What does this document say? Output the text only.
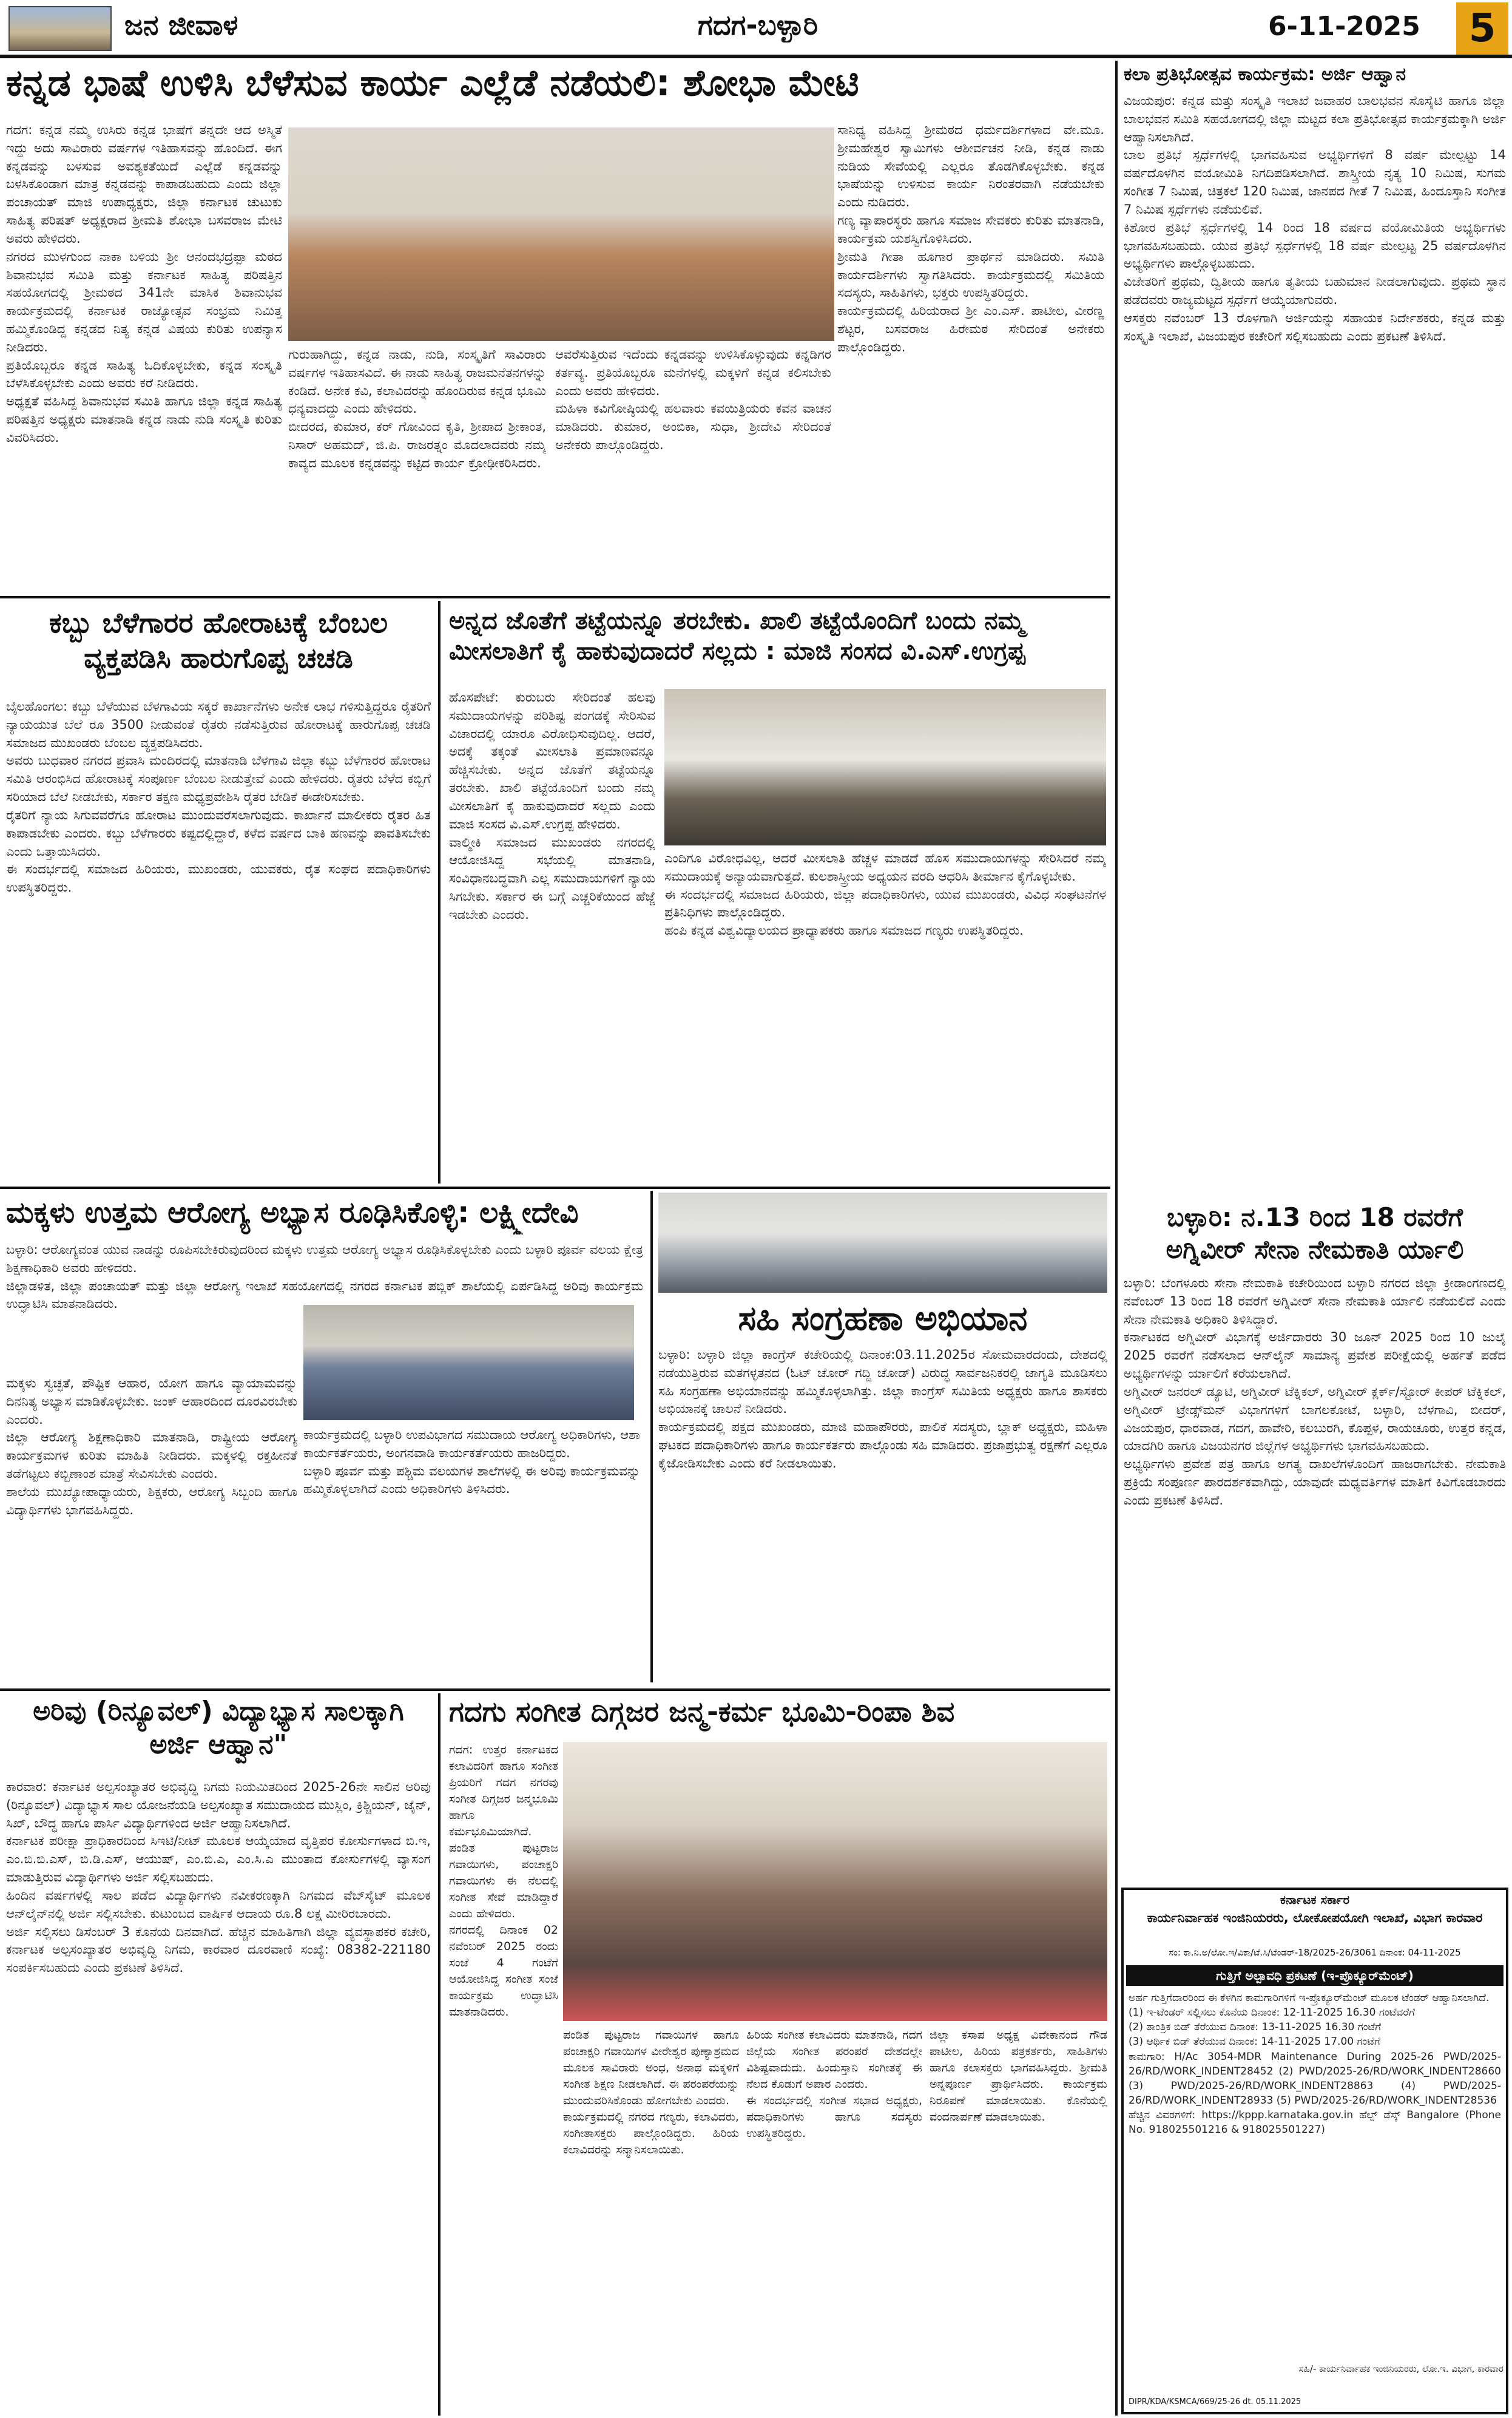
ಜನ ಜೀವಾಳ	ಗದಗ-ಬಳ್ಳಾರಿ	6-11-2025	5
ಕನ್ನಡ ಭಾಷೆ ಉಳಿಸಿ ಬೆಳೆಸುವ ಕಾರ್ಯ ಎಲ್ಲೆಡೆ ನಡೆಯಲಿ: ಶೋಭಾ ಮೇಟಿ
ಗದಗ: ಕನ್ನಡ ನಮ್ಮ ಉಸಿರು ಕನ್ನಡ ಭಾಷೆಗೆ ತನ್ನದೇ ಆದ ಅಸ್ಮಿತೆ ಇದ್ದು ಅದು ಸಾವಿರಾರು ವರ್ಷಗಳ ಇತಿಹಾಸವನ್ನು ಹೊಂದಿದೆ. ಈಗ ಕನ್ನಡವನ್ನು ಬಳಸುವ ಅವಶ್ಯಕತೆಯಿದೆ ಎಲ್ಲೆಡೆ ಕನ್ನಡವನ್ನು ಬಳಸಿಕೊಂಡಾಗ ಮಾತ್ರ ಕನ್ನಡವನ್ನು ಕಾಪಾಡಬಹುದು ಎಂದು ಜಿಲ್ಲಾ ಪಂಚಾಯತ್ ಮಾಜಿ ಉಪಾಧ್ಯಕ್ಷರು, ಜಿಲ್ಲಾ ಕರ್ನಾಟಕ ಚುಟುಕು ಸಾಹಿತ್ಯ ಪರಿಷತ್ ಅಧ್ಯಕ್ಷರಾದ ಶ್ರೀಮತಿ ಶೋಭಾ ಬಸವರಾಜ ಮೇಟಿ ಅವರು ಹೇಳಿದರು.
ನಗರದ ಮುಳಗುಂದ ನಾಕಾ ಬಳಿಯ ಶ್ರೀ ಆನಂದಭದ್ರಪ್ಪಾ ಮಠದ ಶಿವಾನುಭವ ಸಮಿತಿ ಮತ್ತು ಕರ್ನಾಟಕ ಸಾಹಿತ್ಯ ಪರಿಷತ್ತಿನ ಸಹಯೋಗದಲ್ಲಿ ಶ್ರೀಮಠದ 341ನೇ ಮಾಸಿಕ ಶಿವಾನುಭವ ಕಾರ್ಯಕ್ರಮದಲ್ಲಿ ಕರ್ನಾಟಕ ರಾಜ್ಯೋತ್ಸವ ಸಂಭ್ರಮ ನಿಮಿತ್ತ ಹಮ್ಮಿಕೊಂಡಿದ್ದ ಕನ್ನಡದ ನಿತ್ಯ ಕನ್ನಡ ವಿಷಯ ಕುರಿತು ಉಪನ್ಯಾಸ ನೀಡಿದರು.
ಪ್ರತಿಯೊಬ್ಬರೂ ಕನ್ನಡ ಸಾಹಿತ್ಯ ಓದಿಕೊಳ್ಳಬೇಕು, ಕನ್ನಡ ಸಂಸ್ಕೃತಿ ಬೆಳೆಸಿಕೊಳ್ಳಬೇಕು ಎಂದು ಅವರು ಕರೆ ನೀಡಿದರು.
ಅಧ್ಯಕ್ಷತೆ ವಹಿಸಿದ್ದ ಶಿವಾನುಭವ ಸಮಿತಿ ಹಾಗೂ ಜಿಲ್ಲಾ ಕನ್ನಡ ಸಾಹಿತ್ಯ ಪರಿಷತ್ತಿನ ಅಧ್ಯಕ್ಷರು ಮಾತನಾಡಿ ಕನ್ನಡ ನಾಡು ನುಡಿ ಸಂಸ್ಕೃತಿ ಕುರಿತು ವಿವರಿಸಿದರು.
ಗುರುಹಾಗಿದ್ದು, ಕನ್ನಡ ನಾಡು, ನುಡಿ, ಸಂಸ್ಕೃತಿಗೆ ಸಾವಿರಾರು ವರ್ಷಗಳ ಇತಿಹಾಸವಿದೆ. ಈ ನಾಡು ಸಾಹಿತ್ಯ ರಾಜಮನೆತನಗಳನ್ನು ಕಂಡಿದೆ. ಅನೇಕ ಕವಿ, ಕಲಾವಿದರನ್ನು ಹೊಂದಿರುವ ಕನ್ನಡ ಭೂಮಿ ಧನ್ಯವಾದದ್ದು ಎಂದು ಹೇಳಿದರು.
ಬೀದರದ, ಕುಮಾರ, ಕರ್ ಗೋವಿಂದ ಕೃತಿ, ಶ್ರೀಪಾದ ಶ್ರೀಕಾಂತ, ನಿಸಾರ್ ಅಹಮದ್, ಜಿ.ಪಿ. ರಾಜರತ್ನಂ ಮೊದಲಾದವರು ನಮ್ಮ ಕಾವ್ಯದ ಮೂಲಕ ಕನ್ನಡವನ್ನು ಕಟ್ಟಿದ ಕಾರ್ಯ ಕ್ರೋಢೀಕರಿಸಿದರು.
ಆವರೆಸುತ್ತಿರುವ ಇದೆಂದು ಕನ್ನಡವನ್ನು ಉಳಿಸಿಕೊಳ್ಳುವುದು ಕನ್ನಡಿಗರ ಕರ್ತವ್ಯ. ಪ್ರತಿಯೊಬ್ಬರೂ ಮನೆಗಳಲ್ಲಿ ಮಕ್ಕಳಿಗೆ ಕನ್ನಡ ಕಲಿಸಬೇಕು ಎಂದು ಅವರು ಹೇಳಿದರು.
ಮಹಿಳಾ ಕವಿಗೋಷ್ಠಿಯಲ್ಲಿ ಹಲವಾರು ಕವಯಿತ್ರಿಯರು ಕವನ ವಾಚನ ಮಾಡಿದರು. ಕುಮಾರ, ಅಂಬಿಕಾ, ಸುಧಾ, ಶ್ರೀದೇವಿ ಸೇರಿದಂತೆ ಅನೇಕರು ಪಾಲ್ಗೊಂಡಿದ್ದರು.
ಸಾನಿಧ್ಯ ವಹಿಸಿದ್ದ ಶ್ರೀಮಠದ ಧರ್ಮದರ್ಶಿಗಳಾದ ವೇ.ಮೂ. ಶ್ರೀಮಹೇಶ್ವರ ಸ್ವಾಮಿಗಳು ಆಶೀರ್ವಚನ ನೀಡಿ, ಕನ್ನಡ ನಾಡು ನುಡಿಯ ಸೇವೆಯಲ್ಲಿ ಎಲ್ಲರೂ ತೊಡಗಿಕೊಳ್ಳಬೇಕು. ಕನ್ನಡ ಭಾಷೆಯನ್ನು ಉಳಿಸುವ ಕಾರ್ಯ ನಿರಂತರವಾಗಿ ನಡೆಯಬೇಕು ಎಂದು ನುಡಿದರು.
ಗಣ್ಯ ವ್ಯಾಪಾರಸ್ಥರು ಹಾಗೂ ಸಮಾಜ ಸೇವಕರು ಕುರಿತು ಮಾತನಾಡಿ, ಕಾರ್ಯಕ್ರಮ ಯಶಸ್ವಿಗೊಳಿಸಿದರು.
ಶ್ರೀಮತಿ ಗೀತಾ ಹೂಗಾರ ಪ್ರಾರ್ಥನೆ ಮಾಡಿದರು. ಸಮಿತಿ ಕಾರ್ಯದರ್ಶಿಗಳು ಸ್ವಾಗತಿಸಿದರು. ಕಾರ್ಯಕ್ರಮದಲ್ಲಿ ಸಮಿತಿಯ ಸದಸ್ಯರು, ಸಾಹಿತಿಗಳು, ಭಕ್ತರು ಉಪಸ್ಥಿತರಿದ್ದರು.
ಕಾರ್ಯಕ್ರಮದಲ್ಲಿ ಹಿರಿಯರಾದ ಶ್ರೀ ಎಂ.ಎಸ್. ಪಾಟೀಲ, ವೀರಣ್ಣ ಶೆಟ್ಟರ, ಬಸವರಾಜ ಹಿರೇಮಠ ಸೇರಿದಂತೆ ಅನೇಕರು ಪಾಲ್ಗೊಂಡಿದ್ದರು.
ಕಬ್ಬು ಬೆಳೆಗಾರರ ಹೋರಾಟಕ್ಕೆ ಬೆಂಬಲ ವ್ಯಕ್ತಪಡಿಸಿ ಹಾರುಗೊಪ್ಪ ಚಚಡಿ
ಬೈಲಹೊಂಗಲ: ಕಬ್ಬು ಬೆಳೆಯುವ ಬೆಳಗಾವಿಯ ಸಕ್ಕರೆ ಕಾರ್ಖಾನೆಗಳು ಅನೇಕ ಲಾಭ ಗಳಿಸುತ್ತಿದ್ದರೂ ರೈತರಿಗೆ ನ್ಯಾಯಯುತ ಬೆಲೆ ರೂ 3500 ನೀಡುವಂತೆ ರೈತರು ನಡೆಸುತ್ತಿರುವ ಹೋರಾಟಕ್ಕೆ ಹಾರುಗೊಪ್ಪ ಚಚಡಿ ಸಮಾಜದ ಮುಖಂಡರು ಬೆಂಬಲ ವ್ಯಕ್ತಪಡಿಸಿದರು.
ಅವರು ಬುಧವಾರ ನಗರದ ಪ್ರವಾಸಿ ಮಂದಿರದಲ್ಲಿ ಮಾತನಾಡಿ ಬೆಳಗಾವಿ ಜಿಲ್ಲಾ ಕಬ್ಬು ಬೆಳೆಗಾರರ ಹೋರಾಟ ಸಮಿತಿ ಆರಂಭಿಸಿದ ಹೋರಾಟಕ್ಕೆ ಸಂಪೂರ್ಣ ಬೆಂಬಲ ನೀಡುತ್ತೇವೆ ಎಂದು ಹೇಳಿದರು. ರೈತರು ಬೆಳೆದ ಕಬ್ಬಿಗೆ ಸರಿಯಾದ ಬೆಲೆ ನೀಡಬೇಕು, ಸರ್ಕಾರ ತಕ್ಷಣ ಮಧ್ಯಪ್ರವೇಶಿಸಿ ರೈತರ ಬೇಡಿಕೆ ಈಡೇರಿಸಬೇಕು.
ರೈತರಿಗೆ ನ್ಯಾಯ ಸಿಗುವವರೆಗೂ ಹೋರಾಟ ಮುಂದುವರೆಸಲಾಗುವುದು. ಕಾರ್ಖಾನೆ ಮಾಲೀಕರು ರೈತರ ಹಿತ ಕಾಪಾಡಬೇಕು ಎಂದರು. ಕಬ್ಬು ಬೆಳೆಗಾರರು ಕಷ್ಟದಲ್ಲಿದ್ದಾರೆ, ಕಳೆದ ವರ್ಷದ ಬಾಕಿ ಹಣವನ್ನು ಪಾವತಿಸಬೇಕು ಎಂದು ಒತ್ತಾಯಿಸಿದರು.
ಈ ಸಂದರ್ಭದಲ್ಲಿ ಸಮಾಜದ ಹಿರಿಯರು, ಮುಖಂಡರು, ಯುವಕರು, ರೈತ ಸಂಘದ ಪದಾಧಿಕಾರಿಗಳು ಉಪಸ್ಥಿತರಿದ್ದರು.
ಅನ್ನದ ಜೊತೆಗೆ ತಟ್ಟೆಯನ್ನೂ ತರಬೇಕು. ಖಾಲಿ ತಟ್ಟೆಯೊಂದಿಗೆ ಬಂದು ನಮ್ಮ ಮೀಸಲಾತಿಗೆ ಕೈ ಹಾಕುವುದಾದರೆ ಸಲ್ಲದು : ಮಾಜಿ ಸಂಸದ ವಿ.ಎಸ್.ಉಗ್ರಪ್ಪ
ಹೊಸಪೇಟೆ: ಕುರುಬರು ಸೇರಿದಂತೆ ಹಲವು ಸಮುದಾಯಗಳನ್ನು ಪರಿಶಿಷ್ಟ ಪಂಗಡಕ್ಕೆ ಸೇರಿಸುವ ವಿಚಾರದಲ್ಲಿ ಯಾರೂ ವಿರೋಧಿಸುವುದಿಲ್ಲ. ಆದರೆ, ಅದಕ್ಕೆ ತಕ್ಕಂತೆ ಮೀಸಲಾತಿ ಪ್ರಮಾಣವನ್ನೂ ಹೆಚ್ಚಿಸಬೇಕು. ಅನ್ನದ ಜೊತೆಗೆ ತಟ್ಟೆಯನ್ನೂ ತರಬೇಕು. ಖಾಲಿ ತಟ್ಟೆಯೊಂದಿಗೆ ಬಂದು ನಮ್ಮ ಮೀಸಲಾತಿಗೆ ಕೈ ಹಾಕುವುದಾದರೆ ಸಲ್ಲದು ಎಂದು ಮಾಜಿ ಸಂಸದ ವಿ.ಎಸ್.ಉಗ್ರಪ್ಪ ಹೇಳಿದರು.
ವಾಲ್ಮೀಕಿ ಸಮಾಜದ ಮುಖಂಡರು ನಗರದಲ್ಲಿ ಆಯೋಜಿಸಿದ್ದ ಸಭೆಯಲ್ಲಿ ಮಾತನಾಡಿ, ಸಂವಿಧಾನಬದ್ಧವಾಗಿ ಎಲ್ಲ ಸಮುದಾಯಗಳಿಗೆ ನ್ಯಾಯ ಸಿಗಬೇಕು. ಸರ್ಕಾರ ಈ ಬಗ್ಗೆ ಎಚ್ಚರಿಕೆಯಿಂದ ಹೆಜ್ಜೆ ಇಡಬೇಕು ಎಂದರು.
ಎಂದಿಗೂ ವಿರೋಧವಿಲ್ಲ, ಆದರೆ ಮೀಸಲಾತಿ ಹೆಚ್ಚಳ ಮಾಡದೆ ಹೊಸ ಸಮುದಾಯಗಳನ್ನು ಸೇರಿಸಿದರೆ ನಮ್ಮ ಸಮುದಾಯಕ್ಕೆ ಅನ್ಯಾಯವಾಗುತ್ತದೆ. ಕುಲಶಾಸ್ತ್ರೀಯ ಅಧ್ಯಯನ ವರದಿ ಆಧರಿಸಿ ತೀರ್ಮಾನ ಕೈಗೊಳ್ಳಬೇಕು.
ಈ ಸಂದರ್ಭದಲ್ಲಿ ಸಮಾಜದ ಹಿರಿಯರು, ಜಿಲ್ಲಾ ಪದಾಧಿಕಾರಿಗಳು, ಯುವ ಮುಖಂಡರು, ವಿವಿಧ ಸಂಘಟನೆಗಳ ಪ್ರತಿನಿಧಿಗಳು ಪಾಲ್ಗೊಂಡಿದ್ದರು.
ಹಂಪಿ ಕನ್ನಡ ವಿಶ್ವವಿದ್ಯಾಲಯದ ಪ್ರಾಧ್ಯಾಪಕರು ಹಾಗೂ ಸಮಾಜದ ಗಣ್ಯರು ಉಪಸ್ಥಿತರಿದ್ದರು.
ಮಕ್ಕಳು ಉತ್ತಮ ಆರೋಗ್ಯ ಅಭ್ಯಾಸ ರೂಢಿಸಿಕೊಳ್ಳಿ: ಲಕ್ಷ್ಮೀದೇವಿ
ಬಳ್ಳಾರಿ: ಆರೋಗ್ಯವಂತ ಯುವ ನಾಡನ್ನು ರೂಪಿಸಬೇಕಿರುವುದರಿಂದ ಮಕ್ಕಳು ಉತ್ತಮ ಆರೋಗ್ಯ ಅಭ್ಯಾಸ ರೂಢಿಸಿಕೊಳ್ಳಬೇಕು ಎಂದು ಬಳ್ಳಾರಿ ಪೂರ್ವ ವಲಯ ಕ್ಷೇತ್ರ ಶಿಕ್ಷಣಾಧಿಕಾರಿ ಅವರು ಹೇಳಿದರು.
ಜಿಲ್ಲಾಡಳಿತ, ಜಿಲ್ಲಾ ಪಂಚಾಯತ್ ಮತ್ತು ಜಿಲ್ಲಾ ಆರೋಗ್ಯ ಇಲಾಖೆ ಸಹಯೋಗದಲ್ಲಿ ನಗರದ ಕರ್ನಾಟಕ ಪಬ್ಲಿಕ್ ಶಾಲೆಯಲ್ಲಿ ಏರ್ಪಡಿಸಿದ್ದ ಅರಿವು ಕಾರ್ಯಕ್ರಮ ಉದ್ಘಾಟಿಸಿ ಮಾತನಾಡಿದರು.
ಮಕ್ಕಳು ಸ್ವಚ್ಛತೆ, ಪೌಷ್ಟಿಕ ಆಹಾರ, ಯೋಗ ಹಾಗೂ ವ್ಯಾಯಾಮವನ್ನು ದಿನನಿತ್ಯ ಅಭ್ಯಾಸ ಮಾಡಿಕೊಳ್ಳಬೇಕು. ಜಂಕ್ ಆಹಾರದಿಂದ ದೂರವಿರಬೇಕು ಎಂದರು.
ಜಿಲ್ಲಾ ಆರೋಗ್ಯ ಶಿಕ್ಷಣಾಧಿಕಾರಿ ಮಾತನಾಡಿ, ರಾಷ್ಟ್ರೀಯ ಆರೋಗ್ಯ ಕಾರ್ಯಕ್ರಮಗಳ ಕುರಿತು ಮಾಹಿತಿ ನೀಡಿದರು. ಮಕ್ಕಳಲ್ಲಿ ರಕ್ತಹೀನತೆ ತಡೆಗಟ್ಟಲು ಕಬ್ಬಿಣಾಂಶ ಮಾತ್ರೆ ಸೇವಿಸಬೇಕು ಎಂದರು.
ಶಾಲೆಯ ಮುಖ್ಯೋಪಾಧ್ಯಾಯರು, ಶಿಕ್ಷಕರು, ಆರೋಗ್ಯ ಸಿಬ್ಬಂದಿ ಹಾಗೂ ವಿದ್ಯಾರ್ಥಿಗಳು ಭಾಗವಹಿಸಿದ್ದರು.
ಕಾರ್ಯಕ್ರಮದಲ್ಲಿ ಬಳ್ಳಾರಿ ಉಪವಿಭಾಗದ ಸಮುದಾಯ ಆರೋಗ್ಯ ಅಧಿಕಾರಿಗಳು, ಆಶಾ ಕಾರ್ಯಕರ್ತೆಯರು, ಅಂಗನವಾಡಿ ಕಾರ್ಯಕರ್ತೆಯರು ಹಾಜರಿದ್ದರು.
ಬಳ್ಳಾರಿ ಪೂರ್ವ ಮತ್ತು ಪಶ್ಚಿಮ ವಲಯಗಳ ಶಾಲೆಗಳಲ್ಲಿ ಈ ಅರಿವು ಕಾರ್ಯಕ್ರಮವನ್ನು ಹಮ್ಮಿಕೊಳ್ಳಲಾಗಿದೆ ಎಂದು ಅಧಿಕಾರಿಗಳು ತಿಳಿಸಿದರು.
ಸಹಿ ಸಂಗ್ರಹಣಾ ಅಭಿಯಾನ
ಬಳ್ಳಾರಿ: ಬಳ್ಳಾರಿ ಜಿಲ್ಲಾ ಕಾಂಗ್ರೆಸ್ ಕಚೇರಿಯಲ್ಲಿ ದಿನಾಂಕ:03.11.2025ರ ಸೋಮವಾರದಂದು, ದೇಶದಲ್ಲಿ ನಡೆಯುತ್ತಿರುವ ಮತಗಳ್ಳತನದ (ಓಟ್ ಚೋರ್ ಗದ್ದಿ ಚೋಡ್) ವಿರುದ್ಧ ಸಾರ್ವಜನಿಕರಲ್ಲಿ ಜಾಗೃತಿ ಮೂಡಿಸಲು ಸಹಿ ಸಂಗ್ರಹಣಾ ಅಭಿಯಾನವನ್ನು ಹಮ್ಮಿಕೊಳ್ಳಲಾಗಿತ್ತು. ಜಿಲ್ಲಾ ಕಾಂಗ್ರೆಸ್ ಸಮಿತಿಯ ಅಧ್ಯಕ್ಷರು ಹಾಗೂ ಶಾಸಕರು ಅಭಿಯಾನಕ್ಕೆ ಚಾಲನೆ ನೀಡಿದರು.
ಕಾರ್ಯಕ್ರಮದಲ್ಲಿ ಪಕ್ಷದ ಮುಖಂಡರು, ಮಾಜಿ ಮಹಾಪೌರರು, ಪಾಲಿಕೆ ಸದಸ್ಯರು, ಬ್ಲಾಕ್ ಅಧ್ಯಕ್ಷರು, ಮಹಿಳಾ ಘಟಕದ ಪದಾಧಿಕಾರಿಗಳು ಹಾಗೂ ಕಾರ್ಯಕರ್ತರು ಪಾಲ್ಗೊಂಡು ಸಹಿ ಮಾಡಿದರು. ಪ್ರಜಾಪ್ರಭುತ್ವ ರಕ್ಷಣೆಗೆ ಎಲ್ಲರೂ ಕೈಜೋಡಿಸಬೇಕು ಎಂದು ಕರೆ ನೀಡಲಾಯಿತು.
ಅರಿವು (ರಿನ್ಯೂವಲ್) ವಿದ್ಯಾಭ್ಯಾಸ ಸಾಲಕ್ಕಾಗಿ ಅರ್ಜಿ ಆಹ್ವಾನ"
ಕಾರವಾರ: ಕರ್ನಾಟಕ ಅಲ್ಪಸಂಖ್ಯಾತರ ಅಭಿವೃದ್ಧಿ ನಿಗಮ ನಿಯಮಿತದಿಂದ 2025-26ನೇ ಸಾಲಿನ ಅರಿವು (ರಿನ್ಯೂವಲ್) ವಿದ್ಯಾಭ್ಯಾಸ ಸಾಲ ಯೋಜನೆಯಡಿ ಅಲ್ಪಸಂಖ್ಯಾತ ಸಮುದಾಯದ ಮುಸ್ಲಿಂ, ಕ್ರಿಶ್ಚಿಯನ್, ಜೈನ್, ಸಿಖ್, ಬೌದ್ಧ ಹಾಗೂ ಪಾರ್ಸಿ ವಿದ್ಯಾರ್ಥಿಗಳಿಂದ ಅರ್ಜಿ ಆಹ್ವಾನಿಸಲಾಗಿದೆ.
ಕರ್ನಾಟಕ ಪರೀಕ್ಷಾ ಪ್ರಾಧಿಕಾರದಿಂದ ಸಿಇಟಿ/ನೀಟ್ ಮೂಲಕ ಆಯ್ಕೆಯಾದ ವೃತ್ತಿಪರ ಕೋರ್ಸುಗಳಾದ ಬಿ.ಇ, ಎಂ.ಬಿ.ಬಿ.ಎಸ್, ಬಿ.ಡಿ.ಎಸ್, ಆಯುಷ್, ಎಂ.ಬಿ.ಎ, ಎಂ.ಸಿ.ಎ ಮುಂತಾದ ಕೋರ್ಸುಗಳಲ್ಲಿ ವ್ಯಾಸಂಗ ಮಾಡುತ್ತಿರುವ ವಿದ್ಯಾರ್ಥಿಗಳು ಅರ್ಜಿ ಸಲ್ಲಿಸಬಹುದು.
ಹಿಂದಿನ ವರ್ಷಗಳಲ್ಲಿ ಸಾಲ ಪಡೆದ ವಿದ್ಯಾರ್ಥಿಗಳು ನವೀಕರಣಕ್ಕಾಗಿ ನಿಗಮದ ವೆಬ್‌ಸೈಟ್ ಮೂಲಕ ಆನ್‌ಲೈನ್‌ನಲ್ಲಿ ಅರ್ಜಿ ಸಲ್ಲಿಸಬೇಕು. ಕುಟುಂಬದ ವಾರ್ಷಿಕ ಆದಾಯ ರೂ.8 ಲಕ್ಷ ಮೀರಿರಬಾರದು.
ಅರ್ಜಿ ಸಲ್ಲಿಸಲು ಡಿಸೆಂಬರ್ 3 ಕೊನೆಯ ದಿನವಾಗಿದೆ. ಹೆಚ್ಚಿನ ಮಾಹಿತಿಗಾಗಿ ಜಿಲ್ಲಾ ವ್ಯವಸ್ಥಾಪಕರ ಕಚೇರಿ, ಕರ್ನಾಟಕ ಅಲ್ಪಸಂಖ್ಯಾತರ ಅಭಿವೃದ್ಧಿ ನಿಗಮ, ಕಾರವಾರ ದೂರವಾಣಿ ಸಂಖ್ಯೆ: 08382-221180 ಸಂಪರ್ಕಿಸಬಹುದು ಎಂದು ಪ್ರಕಟಣೆ ತಿಳಿಸಿದೆ.
ಗದಗು ಸಂಗೀತ ದಿಗ್ಗಜರ ಜನ್ಮ-ಕರ್ಮ ಭೂಮಿ-ರಿಂಪಾ ಶಿವ
ಗದಗ: ಉತ್ತರ ಕರ್ನಾಟಕದ ಕಲಾವಿದರಿಗೆ ಹಾಗೂ ಸಂಗೀತ ಪ್ರಿಯರಿಗೆ ಗದಗ ನಗರವು ಸಂಗೀತ ದಿಗ್ಗಜರ ಜನ್ಮಭೂಮಿ ಹಾಗೂ ಕರ್ಮಭೂಮಿಯಾಗಿದೆ. ಪಂಡಿತ ಪುಟ್ಟರಾಜ ಗವಾಯಿಗಳು, ಪಂಚಾಕ್ಷರಿ ಗವಾಯಿಗಳು ಈ ನೆಲದಲ್ಲಿ ಸಂಗೀತ ಸೇವೆ ಮಾಡಿದ್ದಾರೆ ಎಂದು ಹೇಳಿದರು.
ನಗರದಲ್ಲಿ ದಿನಾಂಕ 02 ನವೆಂಬರ್ 2025 ರಂದು ಸಂಜೆ 4 ಗಂಟೆಗೆ ಆಯೋಜಿಸಿದ್ದ ಸಂಗೀತ ಸಂಜೆ ಕಾರ್ಯಕ್ರಮ ಉದ್ಘಾಟಿಸಿ ಮಾತನಾಡಿದರು.
ಪಂಡಿತ ಪುಟ್ಟರಾಜ ಗವಾಯಿಗಳ ಹಾಗೂ ಪಂಚಾಕ್ಷರಿ ಗವಾಯಿಗಳ ವೀರೇಶ್ವರ ಪುಣ್ಯಾಶ್ರಮದ ಮೂಲಕ ಸಾವಿರಾರು ಅಂಧ, ಅನಾಥ ಮಕ್ಕಳಿಗೆ ಸಂಗೀತ ಶಿಕ್ಷಣ ನೀಡಲಾಗಿದೆ. ಈ ಪರಂಪರೆಯನ್ನು ಮುಂದುವರಿಸಿಕೊಂಡು ಹೋಗಬೇಕು ಎಂದರು.
ಕಾರ್ಯಕ್ರಮದಲ್ಲಿ ನಗರದ ಗಣ್ಯರು, ಕಲಾವಿದರು, ಸಂಗೀತಾಸಕ್ತರು ಪಾಲ್ಗೊಂಡಿದ್ದರು. ಹಿರಿಯ ಕಲಾವಿದರನ್ನು ಸನ್ಮಾನಿಸಲಾಯಿತು.
ಹಿರಿಯ ಸಂಗೀತ ಕಲಾವಿದರು ಮಾತನಾಡಿ, ಗದಗ ಜಿಲ್ಲೆಯ ಸಂಗೀತ ಪರಂಪರೆ ದೇಶದಲ್ಲೇ ವಿಶಿಷ್ಟವಾದುದು. ಹಿಂದುಸ್ತಾನಿ ಸಂಗೀತಕ್ಕೆ ಈ ನೆಲದ ಕೊಡುಗೆ ಅಪಾರ ಎಂದರು.
ಈ ಸಂದರ್ಭದಲ್ಲಿ ಸಂಗೀತ ಸಭಾದ ಅಧ್ಯಕ್ಷರು, ಪದಾಧಿಕಾರಿಗಳು ಹಾಗೂ ಸದಸ್ಯರು ಉಪಸ್ಥಿತರಿದ್ದರು.
ಜಿಲ್ಲಾ ಕಸಾಪ ಅಧ್ಯಕ್ಷ ವಿವೇಕಾನಂದ ಗೌಡ ಪಾಟೀಲ, ಹಿರಿಯ ಪತ್ರಕರ್ತರು, ಸಾಹಿತಿಗಳು ಹಾಗೂ ಕಲಾಸಕ್ತರು ಭಾಗವಹಿಸಿದ್ದರು. ಶ್ರೀಮತಿ ಅನ್ನಪೂರ್ಣ ಪ್ರಾರ್ಥಿಸಿದರು. ಕಾರ್ಯಕ್ರಮ ನಿರೂಪಣೆ ಮಾಡಲಾಯಿತು. ಕೊನೆಯಲ್ಲಿ ವಂದನಾರ್ಪಣೆ ಮಾಡಲಾಯಿತು.
ಕಲಾ ಪ್ರತಿಭೋತ್ಸವ ಕಾರ್ಯಕ್ರಮ: ಅರ್ಜಿ ಆಹ್ವಾನ
ವಿಜಯಪುರ: ಕನ್ನಡ ಮತ್ತು ಸಂಸ್ಕೃತಿ ಇಲಾಖೆ ಜವಾಹರ ಬಾಲಭವನ ಸೊಸೈಟಿ ಹಾಗೂ ಜಿಲ್ಲಾ ಬಾಲಭವನ ಸಮಿತಿ ಸಹಯೋಗದಲ್ಲಿ ಜಿಲ್ಲಾ ಮಟ್ಟದ ಕಲಾ ಪ್ರತಿಭೋತ್ಸವ ಕಾರ್ಯಕ್ರಮಕ್ಕಾಗಿ ಅರ್ಜಿ ಆಹ್ವಾನಿಸಲಾಗಿದೆ.
ಬಾಲ ಪ್ರತಿಭೆ ಸ್ಪರ್ಧೆಗಳಲ್ಲಿ ಭಾಗವಹಿಸುವ ಅಭ್ಯರ್ಥಿಗಳಿಗೆ 8 ವರ್ಷ ಮೇಲ್ಪಟ್ಟು 14 ವರ್ಷದೊಳಗಿನ ವಯೋಮಿತಿ ನಿಗದಿಪಡಿಸಲಾಗಿದೆ. ಶಾಸ್ತ್ರೀಯ ನೃತ್ಯ 10 ನಿಮಿಷ, ಸುಗಮ ಸಂಗೀತ 7 ನಿಮಿಷ, ಚಿತ್ರಕಲೆ 120 ನಿಮಿಷ, ಜಾನಪದ ಗೀತೆ 7 ನಿಮಿಷ, ಹಿಂದೂಸ್ತಾನಿ ಸಂಗೀತ 7 ನಿಮಿಷ ಸ್ಪರ್ಧೆಗಳು ನಡೆಯಲಿವೆ.
ಕಿಶೋರ ಪ್ರತಿಭೆ ಸ್ಪರ್ಧೆಗಳಲ್ಲಿ 14 ರಿಂದ 18 ವರ್ಷದ ವಯೋಮಿತಿಯ ಅಭ್ಯರ್ಥಿಗಳು ಭಾಗವಹಿಸಬಹುದು. ಯುವ ಪ್ರತಿಭೆ ಸ್ಪರ್ಧೆಗಳಲ್ಲಿ 18 ವರ್ಷ ಮೇಲ್ಪಟ್ಟ 25 ವರ್ಷದೊಳಗಿನ ಅಭ್ಯರ್ಥಿಗಳು ಪಾಲ್ಗೊಳ್ಳಬಹುದು.
ವಿಜೇತರಿಗೆ ಪ್ರಥಮ, ದ್ವಿತೀಯ ಹಾಗೂ ತೃತೀಯ ಬಹುಮಾನ ನೀಡಲಾಗುವುದು. ಪ್ರಥಮ ಸ್ಥಾನ ಪಡೆದವರು ರಾಜ್ಯಮಟ್ಟದ ಸ್ಪರ್ಧೆಗೆ ಆಯ್ಕೆಯಾಗುವರು.
ಆಸಕ್ತರು ನವೆಂಬರ್ 13 ರೊಳಗಾಗಿ ಅರ್ಜಿಯನ್ನು ಸಹಾಯಕ ನಿರ್ದೇಶಕರು, ಕನ್ನಡ ಮತ್ತು ಸಂಸ್ಕೃತಿ ಇಲಾಖೆ, ವಿಜಯಪುರ ಕಚೇರಿಗೆ ಸಲ್ಲಿಸಬಹುದು ಎಂದು ಪ್ರಕಟಣೆ ತಿಳಿಸಿದೆ.
ಬಳ್ಳಾರಿ: ನ.13 ರಿಂದ 18 ರವರೆಗೆ ಅಗ್ನಿವೀರ್ ಸೇನಾ ನೇಮಕಾತಿ ರ್ಯಾಲಿ
ಬಳ್ಳಾರಿ: ಬೆಂಗಳೂರು ಸೇನಾ ನೇಮಕಾತಿ ಕಚೇರಿಯಿಂದ ಬಳ್ಳಾರಿ ನಗರದ ಜಿಲ್ಲಾ ಕ್ರೀಡಾಂಗಣದಲ್ಲಿ ನವೆಂಬರ್ 13 ರಿಂದ 18 ರವರೆಗೆ ಅಗ್ನಿವೀರ್ ಸೇನಾ ನೇಮಕಾತಿ ರ್ಯಾಲಿ ನಡೆಯಲಿದೆ ಎಂದು ಸೇನಾ ನೇಮಕಾತಿ ಅಧಿಕಾರಿ ತಿಳಿಸಿದ್ದಾರೆ.
ಕರ್ನಾಟಕದ ಅಗ್ನಿವೀರ್ ವಿಭಾಗಕ್ಕೆ ಅರ್ಜಿದಾರರು 30 ಜೂನ್ 2025 ರಿಂದ 10 ಜುಲೈ 2025 ರವರೆಗೆ ನಡೆಸಲಾದ ಆನ್‌ಲೈನ್ ಸಾಮಾನ್ಯ ಪ್ರವೇಶ ಪರೀಕ್ಷೆಯಲ್ಲಿ ಅರ್ಹತೆ ಪಡೆದ ಅಭ್ಯರ್ಥಿಗಳನ್ನು ರ್ಯಾಲಿಗೆ ಕರೆಯಲಾಗಿದೆ.
ಅಗ್ನಿವೀರ್ ಜನರಲ್ ಡ್ಯೂಟಿ, ಅಗ್ನಿವೀರ್ ಟೆಕ್ನಿಕಲ್, ಅಗ್ನಿವೀರ್ ಕ್ಲರ್ಕ್/ಸ್ಟೋರ್ ಕೀಪರ್ ಟೆಕ್ನಿಕಲ್, ಅಗ್ನಿವೀರ್ ಟ್ರೇಡ್ಸ್‌ಮನ್ ವಿಭಾಗಗಳಿಗೆ ಬಾಗಲಕೋಟೆ, ಬಳ್ಳಾರಿ, ಬೆಳಗಾವಿ, ಬೀದರ್, ವಿಜಯಪುರ, ಧಾರವಾಡ, ಗದಗ, ಹಾವೇರಿ, ಕಲಬುರಗಿ, ಕೊಪ್ಪಳ, ರಾಯಚೂರು, ಉತ್ತರ ಕನ್ನಡ, ಯಾದಗಿರಿ ಹಾಗೂ ವಿಜಯನಗರ ಜಿಲ್ಲೆಗಳ ಅಭ್ಯರ್ಥಿಗಳು ಭಾಗವಹಿಸಬಹುದು.
ಅಭ್ಯರ್ಥಿಗಳು ಪ್ರವೇಶ ಪತ್ರ ಹಾಗೂ ಅಗತ್ಯ ದಾಖಲೆಗಳೊಂದಿಗೆ ಹಾಜರಾಗಬೇಕು. ನೇಮಕಾತಿ ಪ್ರಕ್ರಿಯೆ ಸಂಪೂರ್ಣ ಪಾರದರ್ಶಕವಾಗಿದ್ದು, ಯಾವುದೇ ಮಧ್ಯವರ್ತಿಗಳ ಮಾತಿಗೆ ಕಿವಿಗೊಡಬಾರದು ಎಂದು ಪ್ರಕಟಣೆ ತಿಳಿಸಿದೆ.
ಕರ್ನಾಟಕ ಸರ್ಕಾರ
ಕಾರ್ಯನಿರ್ವಾಹಕ ಇಂಜಿನಿಯರರು, ಲೋಕೋಪಯೋಗಿ ಇಲಾಖೆ, ವಿಭಾಗ ಕಾರವಾರ
ಸಂ: ಕಾ.ನಿ.ಅ/ಲೋ.ಇ/ವಿಕಾ/ಟೆ.ಸಿ/ಟೆಂಡರ್-18/2025-26/3061 ದಿನಾಂಕ: 04-11-2025
ಗುತ್ತಿಗೆ ಅಲ್ಪಾವಧಿ ಪ್ರಕಟಣೆ (ಇ-ಪ್ರೊಕ್ಯೂರ್‌ಮೆಂಟ್)
ಅರ್ಹ ಗುತ್ತಿಗೆದಾರರಿಂದ ಈ ಕೆಳಗಿನ ಕಾಮಗಾರಿಗಳಿಗೆ ಇ-ಪ್ರೊಕ್ಯೂರ್‌ಮೆಂಟ್ ಮೂಲಕ ಟೆಂಡರ್ ಆಹ್ವಾನಿಸಲಾಗಿದೆ.
(1) ಇ-ಟೆಂಡರ್ ಸಲ್ಲಿಸಲು ಕೊನೆಯ ದಿನಾಂಕ: 12-11-2025 16.30 ಗಂಟೆವರೆಗೆ
(2) ತಾಂತ್ರಿಕ ಬಿಡ್ ತೆರೆಯುವ ದಿನಾಂಕ: 13-11-2025 16.30 ಗಂಟೆಗೆ
(3) ಆರ್ಥಿಕ ಬಿಡ್ ತೆರೆಯುವ ದಿನಾಂಕ: 14-11-2025 17.00 ಗಂಟೆಗೆ
ಕಾಮಗಾರಿ: H/Ac 3054-MDR Maintenance During 2025-26 PWD/2025-26/RD/WORK_INDENT28452 (2) PWD/2025-26/RD/WORK_INDENT28660 (3) PWD/2025-26/RD/WORK_INDENT28863 (4) PWD/2025-26/RD/WORK_INDENT28933 (5) PWD/2025-26/RD/WORK_INDENT28536
ಹೆಚ್ಚಿನ ವಿವರಗಳಿಗೆ: https://kppp.karnataka.gov.in ಹೆಲ್ಪ್ ಡೆಸ್ಕ್ Bangalore (Phone No. 918025501216 & 918025501227)
ಸಹಿ/- ಕಾರ್ಯನಿರ್ವಾಹಕ ಇಂಜಿನಿಯರರು, ಲೋ.ಇ. ವಿಭಾಗ, ಕಾರವಾರ
DIPR/KDA/KSMCA/669/25-26 dt. 05.11.2025
